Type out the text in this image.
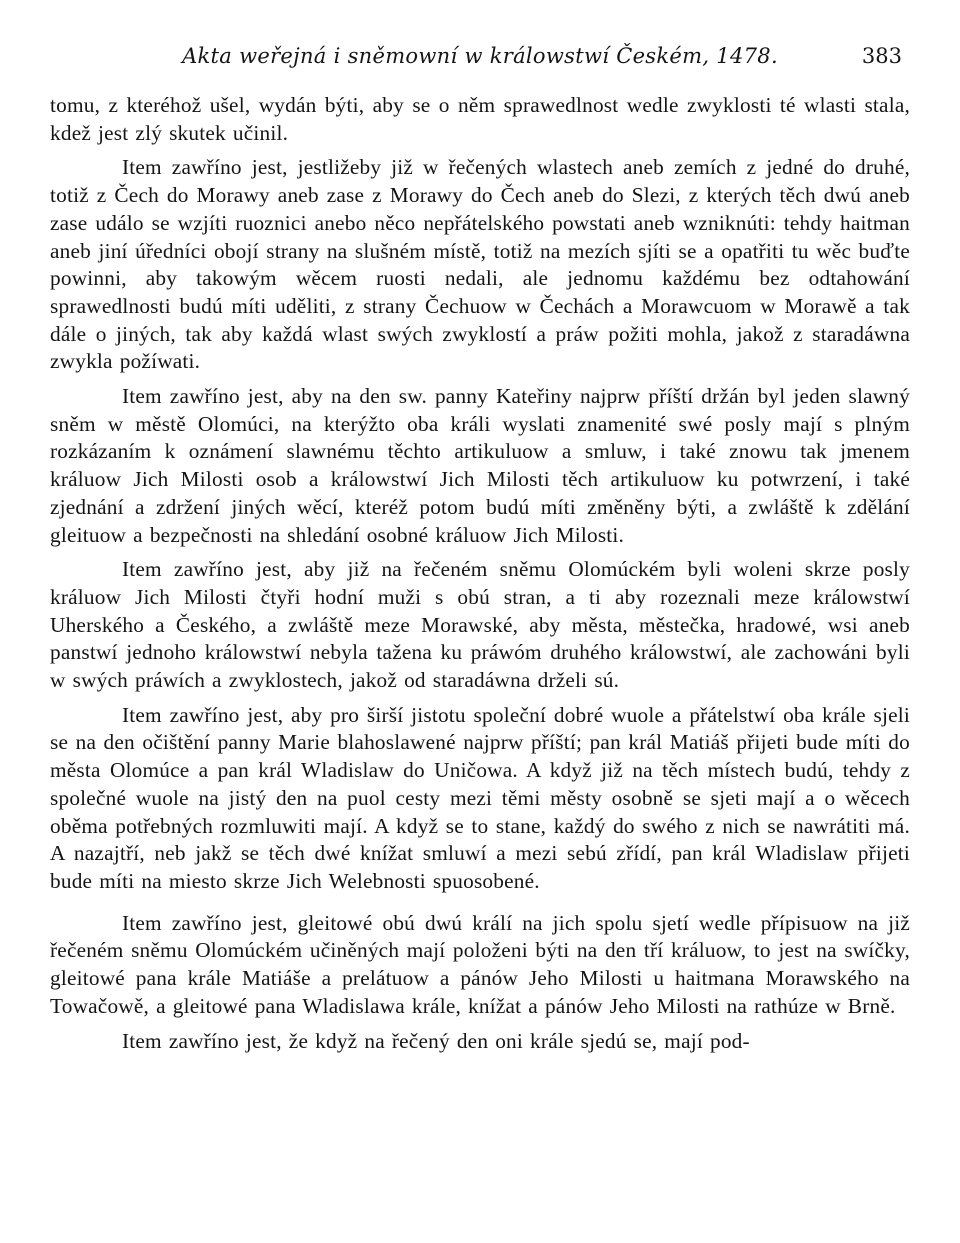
Akta weřejná i sněmowní w králowstwí Českém, 1478.	383

tomu, z kteréhož ušel, wydán býti, aby se o něm sprawedlnost wedle zwyklosti té wlasti stala, kdež jest zlý skutek učinil.

Item zawříno jest, jestližeby již w řečených wlastech aneb zemích z jedné do druhé, totiž z Čech do Morawy aneb zase z Morawy do Čech aneb do Slezi, z kterých těch dwú aneb zase událo se wzjíti ruoznici anebo něco nepřátelského powstati aneb wzniknúti: tehdy haitman aneb jiní úředníci obojí strany na slušném místě, totiž na mezích sjíti se a opatřiti tu wěc buďte powinni, aby takowým wěcem ruosti nedali, ale jednomu každému bez odtahowání sprawedlnosti budú míti uděliti, z strany Čechuow w Čechách a Morawcuom w Morawě a tak dále o jiných, tak aby každá wlast swých zwyklostí a práw požiti mohla, jakož z staradáwna zwykla požíwati.

Item zawříno jest, aby na den sw. panny Kateřiny najprw příští držán byl jeden slawný sněm w městě Olomúci, na kterýžto oba králi wyslati znamenité swé posly mají s plným rozkázaním k oznámení slawnému těchto artikuluow a smluw, i také znowu tak jmenem králuow Jich Milosti osob a králowstwí Jich Milosti těch artikuluow ku potwrzení, i také zjednání a zdržení jiných wěcí, kteréž potom budú míti změněny býti, a zwláště k zdělání gleituow a bezpečnosti na shledání osobné králuow Jich Milosti.

Item zawříno jest, aby již na řečeném sněmu Olomúckém byli woleni skrze posly králuow Jich Milosti čtyři hodní muži s obú stran, a ti aby rozeznali meze králowstwí Uherského a Českého, a zwláště meze Morawské, aby města, městečka, hradowé, wsi aneb panstwí jednoho králowstwí nebyla tažena ku práwóm druhého králowstwí, ale zachowáni byli w swých práwích a zwyklostech, jakož od staradáwna drželi sú.

Item zawříno jest, aby pro širší jistotu společní dobré wuole a přátelstwí oba krále sjeli se na den očištění panny Marie blahoslawené najprw příští; pan král Matiáš přijeti bude míti do města Olomúce a pan král Wladislaw do Uničowa. A když již na těch místech budú, tehdy z společné wuole na jistý den na puol cesty mezi těmi městy osobně se sjeti mají a o wěcech oběma potřebných rozmluwiti mají. A když se to stane, každý do swého z nich se nawrátiti má. A nazajtří, neb jakž se těch dwé knížat smluwí a mezi sebú zřídí, pan král Wladislaw přijeti bude míti na miesto skrze Jich Welebnosti spuosobené.

Item zawříno jest, gleitowé obú dwú králí na jich spolu sjetí wedle přípisuow na již řečeném sněmu Olomúckém učiněných mají položeni býti na den tří králuow, to jest na swíčky, gleitowé pana krále Matiáše a prelátuow a pánów Jeho Milosti u haitmana Morawského na Towačowě, a gleitowé pana Wladislawa krále, knížat a pánów Jeho Milosti na rathúze w Brně.

Item zawříno jest, že když na řečený den oni krále sjedú se, mají pod-
